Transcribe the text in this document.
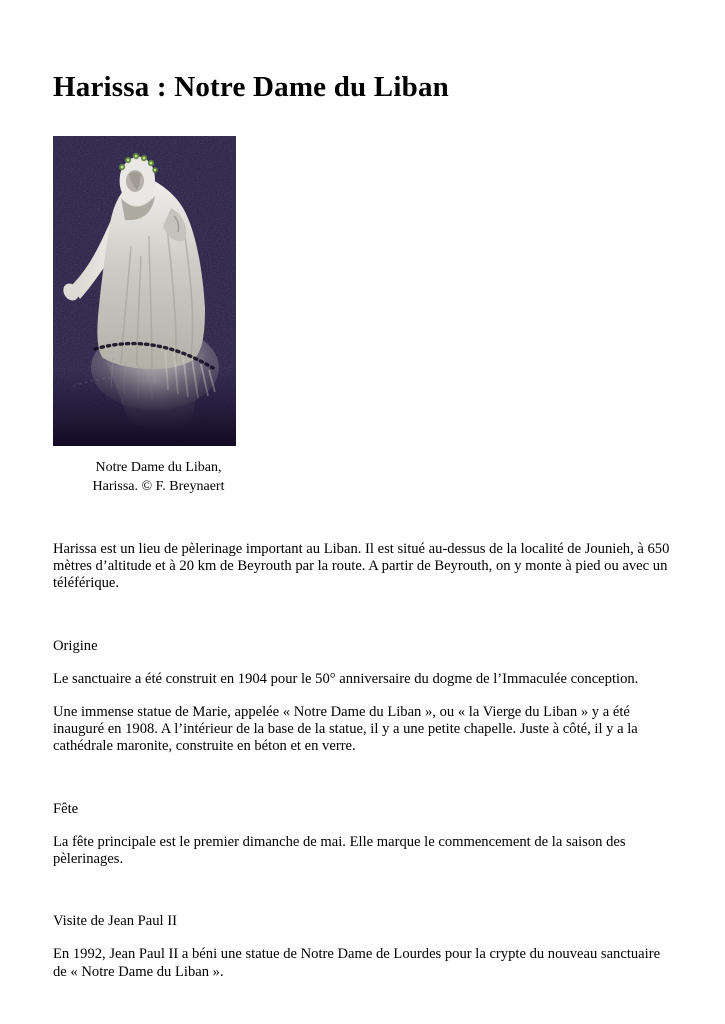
Harissa : Notre Dame du Liban
Notre Dame du Liban,
Harissa. © F. Breynaert

Harissa est un lieu de pèlerinage important au Liban. Il est situé au-dessus de la localité de Jounieh, à 650 mètres d’altitude et à 20 km de Beyrouth par la route. A partir de Beyrouth, on y monte à pied ou avec un téléférique.

Origine

Le sanctuaire a été construit en 1904 pour le 50° anniversaire du dogme de l’Immaculée conception.

Une immense statue de Marie, appelée « Notre Dame du Liban », ou « la Vierge du Liban » y a été inauguré en 1908. A l’intérieur de la base de la statue, il y a une petite chapelle. Juste à côté, il y a la cathédrale maronite, construite en béton et en verre.

Fête

La fête principale est le premier dimanche de mai. Elle marque le commencement de la saison des pèlerinages.

Visite de Jean Paul II

En 1992, Jean Paul II a béni une statue de Notre Dame de Lourdes pour la crypte du nouveau sanctuaire de « Notre Dame du Liban ».
